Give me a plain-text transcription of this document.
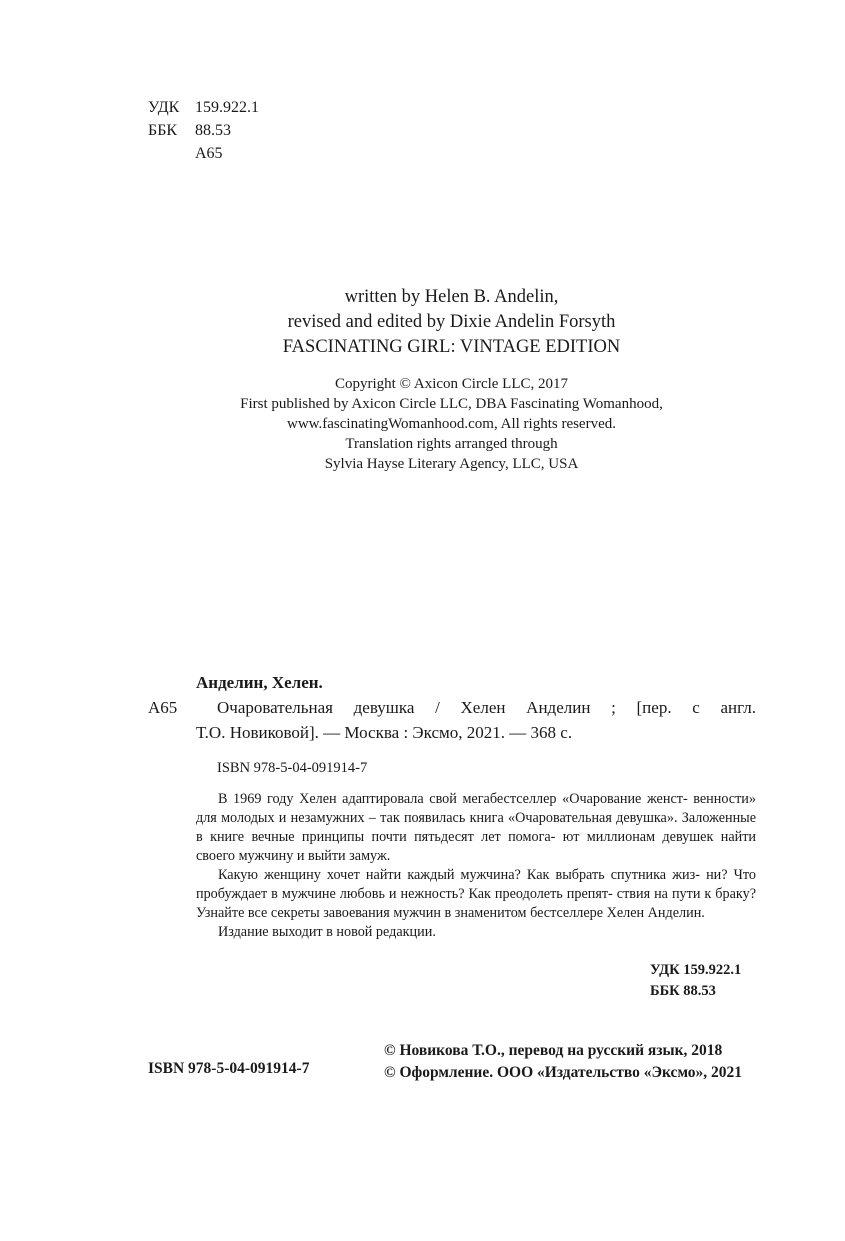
УДК 159.922.1
ББК	88.53
А65
written by Helen B. Andelin,
revised and edited by Dixie Andelin Forsyth
FASCINATING GIRL: VINTAGE EDITION
Copyright © Axicon Circle LLC, 2017
First published by Axicon Circle LLC, DBA Fascinating Womanhood,
www.fascinatingWomanhood.com, All rights reserved.
Translation rights arranged through
Sylvia Hayse Literary Agency, LLC, USA
Анделин, Хелен.
А65 Очаровательная девушка / Хелен Анделин ; [пер. с англ.
Т.О. Новиковой]. — Москва : Эксмо, 2021. — 368 с.
ISBN 978-5-04-091914-7

В 1969 году Хелен адаптировала свой мегабестселлер «Очарование женст- венности» для молодых и незамужних – так появилась книга «Очаровательная девушка». Заложенные в книге вечные принципы почти пятьдесят лет помога- ют миллионам девушек найти своего мужчину и выйти замуж.

Какую женщину хочет найти каждый мужчина? Как выбрать спутника жиз- ни? Что пробуждает в мужчине любовь и нежность? Как преодолеть препят- ствия на пути к браку? Узнайте все секреты завоевания мужчин в знаменитом бестселлере Хелен Анделин.

Издание выходит в новой редакции.

УДК 159.922.1
ББК 88.53
ISBN 978-5-04-091914-7
© Новикова Т.О., перевод на русский язык, 2018
© Оформление. ООО «Издательство «Эксмо», 2021
